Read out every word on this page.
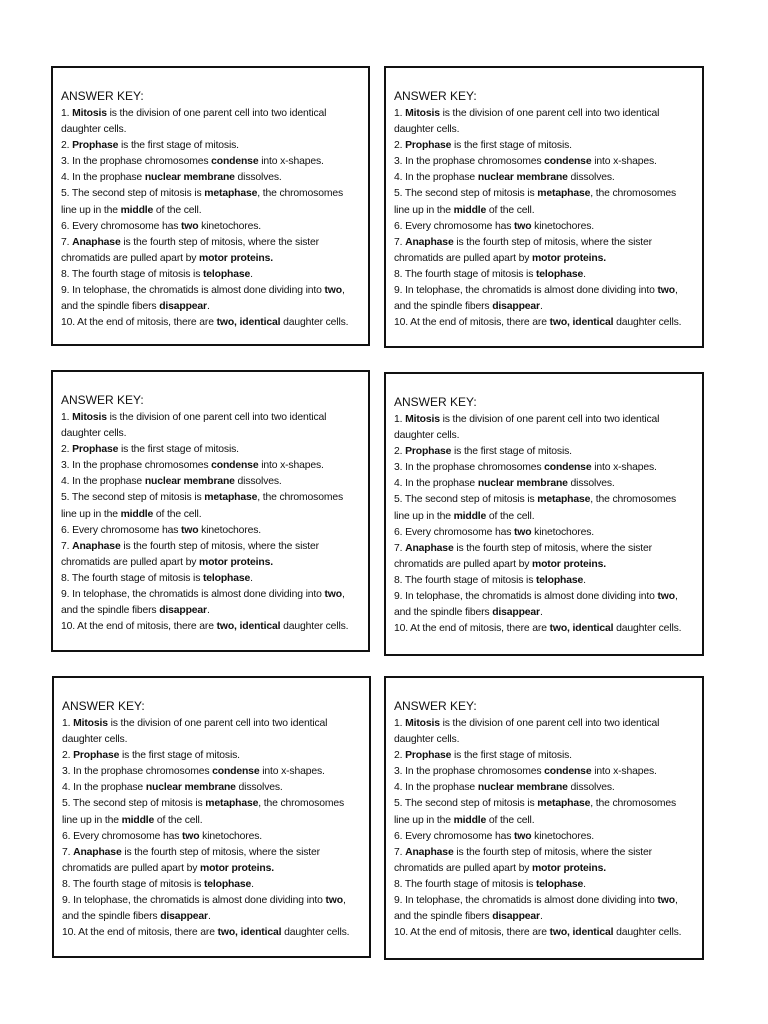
ANSWER KEY:
1. Mitosis is the division of one parent cell into two identical
daughter cells.
2. Prophase is the first stage of mitosis.
3. In the prophase chromosomes condense into x-shapes.
4. In the prophase nuclear membrane dissolves.
5. The second step of mitosis is metaphase, the chromosomes
line up in the middle of the cell.
6. Every chromosome has two kinetochores.
7. Anaphase is the fourth step of mitosis, where the sister
chromatids are pulled apart by motor proteins.
8. The fourth stage of mitosis is telophase.
9. In telophase, the chromatids is almost done dividing into two,
and the spindle fibers disappear.
10. At the end of mitosis, there are two, identical daughter cells.
ANSWER KEY:
1. Mitosis is the division of one parent cell into two identical
daughter cells.
2. Prophase is the first stage of mitosis.
3. In the prophase chromosomes condense into x-shapes.
4. In the prophase nuclear membrane dissolves.
5. The second step of mitosis is metaphase, the chromosomes
line up in the middle of the cell.
6. Every chromosome has two kinetochores.
7. Anaphase is the fourth step of mitosis, where the sister
chromatids are pulled apart by motor proteins.
8. The fourth stage of mitosis is telophase.
9. In telophase, the chromatids is almost done dividing into two,
and the spindle fibers disappear.
10. At the end of mitosis, there are two, identical daughter cells.
ANSWER KEY:
1. Mitosis is the division of one parent cell into two identical
daughter cells.
2. Prophase is the first stage of mitosis.
3. In the prophase chromosomes condense into x-shapes.
4. In the prophase nuclear membrane dissolves.
5. The second step of mitosis is metaphase, the chromosomes
line up in the middle of the cell.
6. Every chromosome has two kinetochores.
7. Anaphase is the fourth step of mitosis, where the sister
chromatids are pulled apart by motor proteins.
8. The fourth stage of mitosis is telophase.
9. In telophase, the chromatids is almost done dividing into two,
and the spindle fibers disappear.
10. At the end of mitosis, there are two, identical daughter cells.
ANSWER KEY:
1. Mitosis is the division of one parent cell into two identical
daughter cells.
2. Prophase is the first stage of mitosis.
3. In the prophase chromosomes condense into x-shapes.
4. In the prophase nuclear membrane dissolves.
5. The second step of mitosis is metaphase, the chromosomes
line up in the middle of the cell.
6. Every chromosome has two kinetochores.
7. Anaphase is the fourth step of mitosis, where the sister
chromatids are pulled apart by motor proteins.
8. The fourth stage of mitosis is telophase.
9. In telophase, the chromatids is almost done dividing into two,
and the spindle fibers disappear.
10. At the end of mitosis, there are two, identical daughter cells.
ANSWER KEY:
1. Mitosis is the division of one parent cell into two identical
daughter cells.
2. Prophase is the first stage of mitosis.
3. In the prophase chromosomes condense into x-shapes.
4. In the prophase nuclear membrane dissolves.
5. The second step of mitosis is metaphase, the chromosomes
line up in the middle of the cell.
6. Every chromosome has two kinetochores.
7. Anaphase is the fourth step of mitosis, where the sister
chromatids are pulled apart by motor proteins.
8. The fourth stage of mitosis is telophase.
9. In telophase, the chromatids is almost done dividing into two,
and the spindle fibers disappear.
10. At the end of mitosis, there are two, identical daughter cells.
ANSWER KEY:
1. Mitosis is the division of one parent cell into two identical
daughter cells.
2. Prophase is the first stage of mitosis.
3. In the prophase chromosomes condense into x-shapes.
4. In the prophase nuclear membrane dissolves.
5. The second step of mitosis is metaphase, the chromosomes
line up in the middle of the cell.
6. Every chromosome has two kinetochores.
7. Anaphase is the fourth step of mitosis, where the sister
chromatids are pulled apart by motor proteins.
8. The fourth stage of mitosis is telophase.
9. In telophase, the chromatids is almost done dividing into two,
and the spindle fibers disappear.
10. At the end of mitosis, there are two, identical daughter cells.
